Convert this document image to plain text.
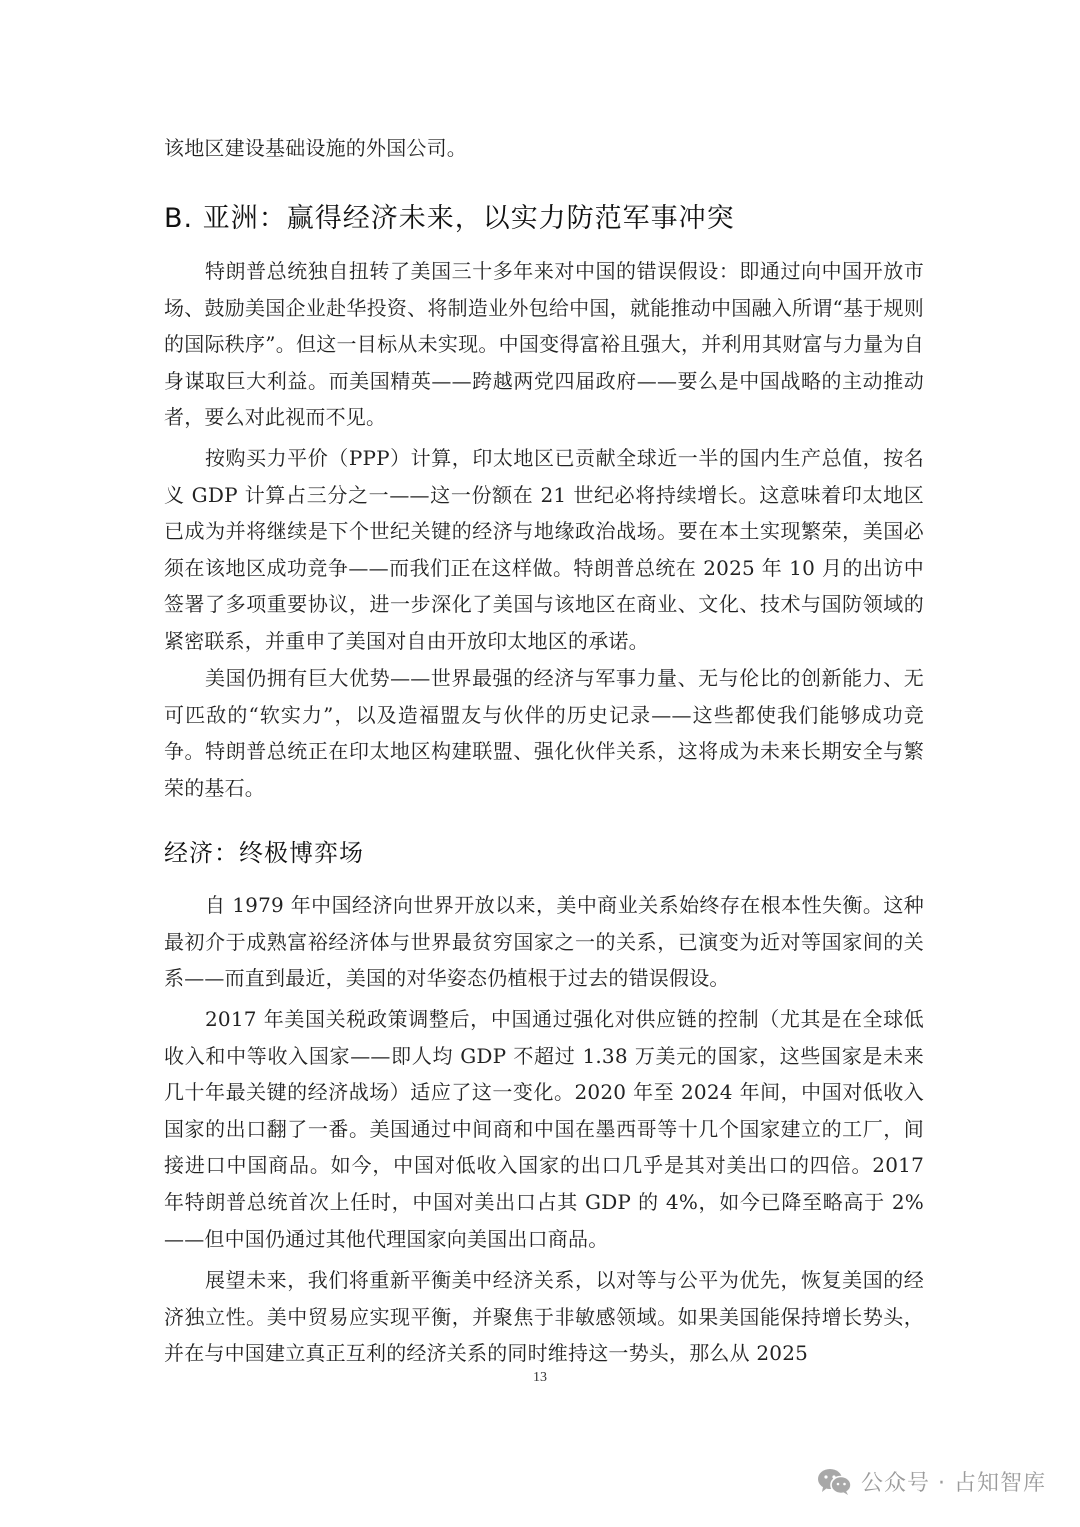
该地区建设基础设施的外国公司。

B. 亚洲：赢得经济未来，以实力防范军事冲突

特朗普总统独自扭转了美国三十多年来对中国的错误假设：即通过向中国开放市场、鼓励美国企业赴华投资、将制造业外包给中国，就能推动中国融入所谓“基于规则的国际秩序”。但这一目标从未实现。中国变得富裕且强大，并利用其财富与力量为自身谋取巨大利益。而美国精英——跨越两党四届政府——要么是中国战略的主动推动者，要么对此视而不见。

按购买力平价（PPP）计算，印太地区已贡献全球近一半的国内生产总值，按名义 GDP 计算占三分之一——这一份额在 21 世纪必将持续增长。这意味着印太地区已成为并将继续是下个世纪关键的经济与地缘政治战场。要在本土实现繁荣，美国必须在该地区成功竞争——而我们正在这样做。特朗普总统在 2025 年 10 月的出访中签署了多项重要协议，进一步深化了美国与该地区在商业、文化、技术与国防领域的紧密联系，并重申了美国对自由开放印太地区的承诺。

美国仍拥有巨大优势——世界最强的经济与军事力量、无与伦比的创新能力、无可匹敌的“软实力”，以及造福盟友与伙伴的历史记录——这些都使我们能够成功竞争。特朗普总统正在印太地区构建联盟、强化伙伴关系，这将成为未来长期安全与繁荣的基石。

经济：终极博弈场

自 1979 年中国经济向世界开放以来，美中商业关系始终存在根本性失衡。这种最初介于成熟富裕经济体与世界最贫穷国家之一的关系，已演变为近对等国家间的关系——而直到最近，美国的对华姿态仍植根于过去的错误假设。

2017 年美国关税政策调整后，中国通过强化对供应链的控制（尤其是在全球低收入和中等收入国家——即人均 GDP 不超过 1.38 万美元的国家，这些国家是未来几十年最关键的经济战场）适应了这一变化。2020 年至 2024 年间，中国对低收入国家的出口翻了一番。美国通过中间商和中国在墨西哥等十几个国家建立的工厂，间接进口中国商品。如今，中国对低收入国家的出口几乎是其对美出口的四倍。2017 年特朗普总统首次上任时，中国对美出口占其 GDP 的 4%，如今已降至略高于 2%——但中国仍通过其他代理国家向美国出口商品。

展望未来，我们将重新平衡美中经济关系，以对等与公平为优先，恢复美国的经济独立性。美中贸易应实现平衡，并聚焦于非敏感领域。如果美国能保持增长势头，并在与中国建立真正互利的经济关系的同时维持这一势头，那么从 2025

13
公众号 · 占知智库
